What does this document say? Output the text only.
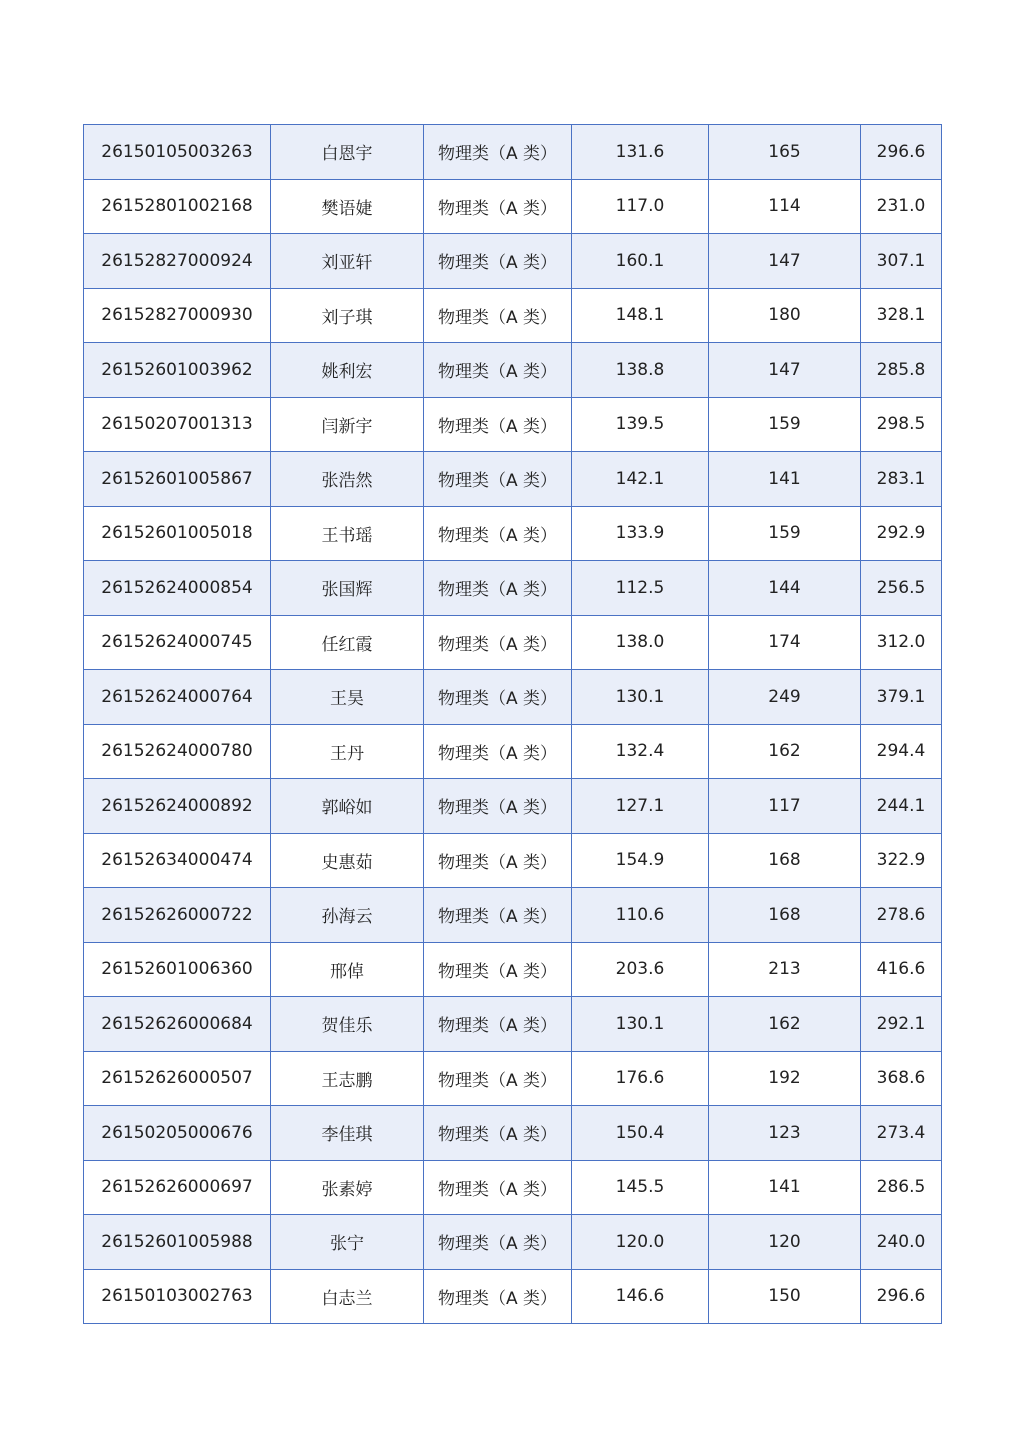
26150105003263	白恩宇	物理类（A 类）	131.6	165	296.6
26152801002168	樊语婕	物理类（A 类）	117.0	114	231.0
26152827000924	刘亚轩	物理类（A 类）	160.1	147	307.1
26152827000930	刘子琪	物理类（A 类）	148.1	180	328.1
26152601003962	姚利宏	物理类（A 类）	138.8	147	285.8
26150207001313	闫新宇	物理类（A 类）	139.5	159	298.5
26152601005867	张浩然	物理类（A 类）	142.1	141	283.1
26152601005018	王书瑶	物理类（A 类）	133.9	159	292.9
26152624000854	张国辉	物理类（A 类）	112.5	144	256.5
26152624000745	任红霞	物理类（A 类）	138.0	174	312.0
26152624000764	王昊	物理类（A 类）	130.1	249	379.1
26152624000780	王丹	物理类（A 类）	132.4	162	294.4
26152624000892	郭峪如	物理类（A 类）	127.1	117	244.1
26152634000474	史惠茹	物理类（A 类）	154.9	168	322.9
26152626000722	孙海云	物理类（A 类）	110.6	168	278.6
26152601006360	邢倬	物理类（A 类）	203.6	213	416.6
26152626000684	贺佳乐	物理类（A 类）	130.1	162	292.1
26152626000507	王志鹏	物理类（A 类）	176.6	192	368.6
26150205000676	李佳琪	物理类（A 类）	150.4	123	273.4
26152626000697	张素婷	物理类（A 类）	145.5	141	286.5
26152601005988	张宁	物理类（A 类）	120.0	120	240.0
26150103002763	白志兰	物理类（A 类）	146.6	150	296.6
